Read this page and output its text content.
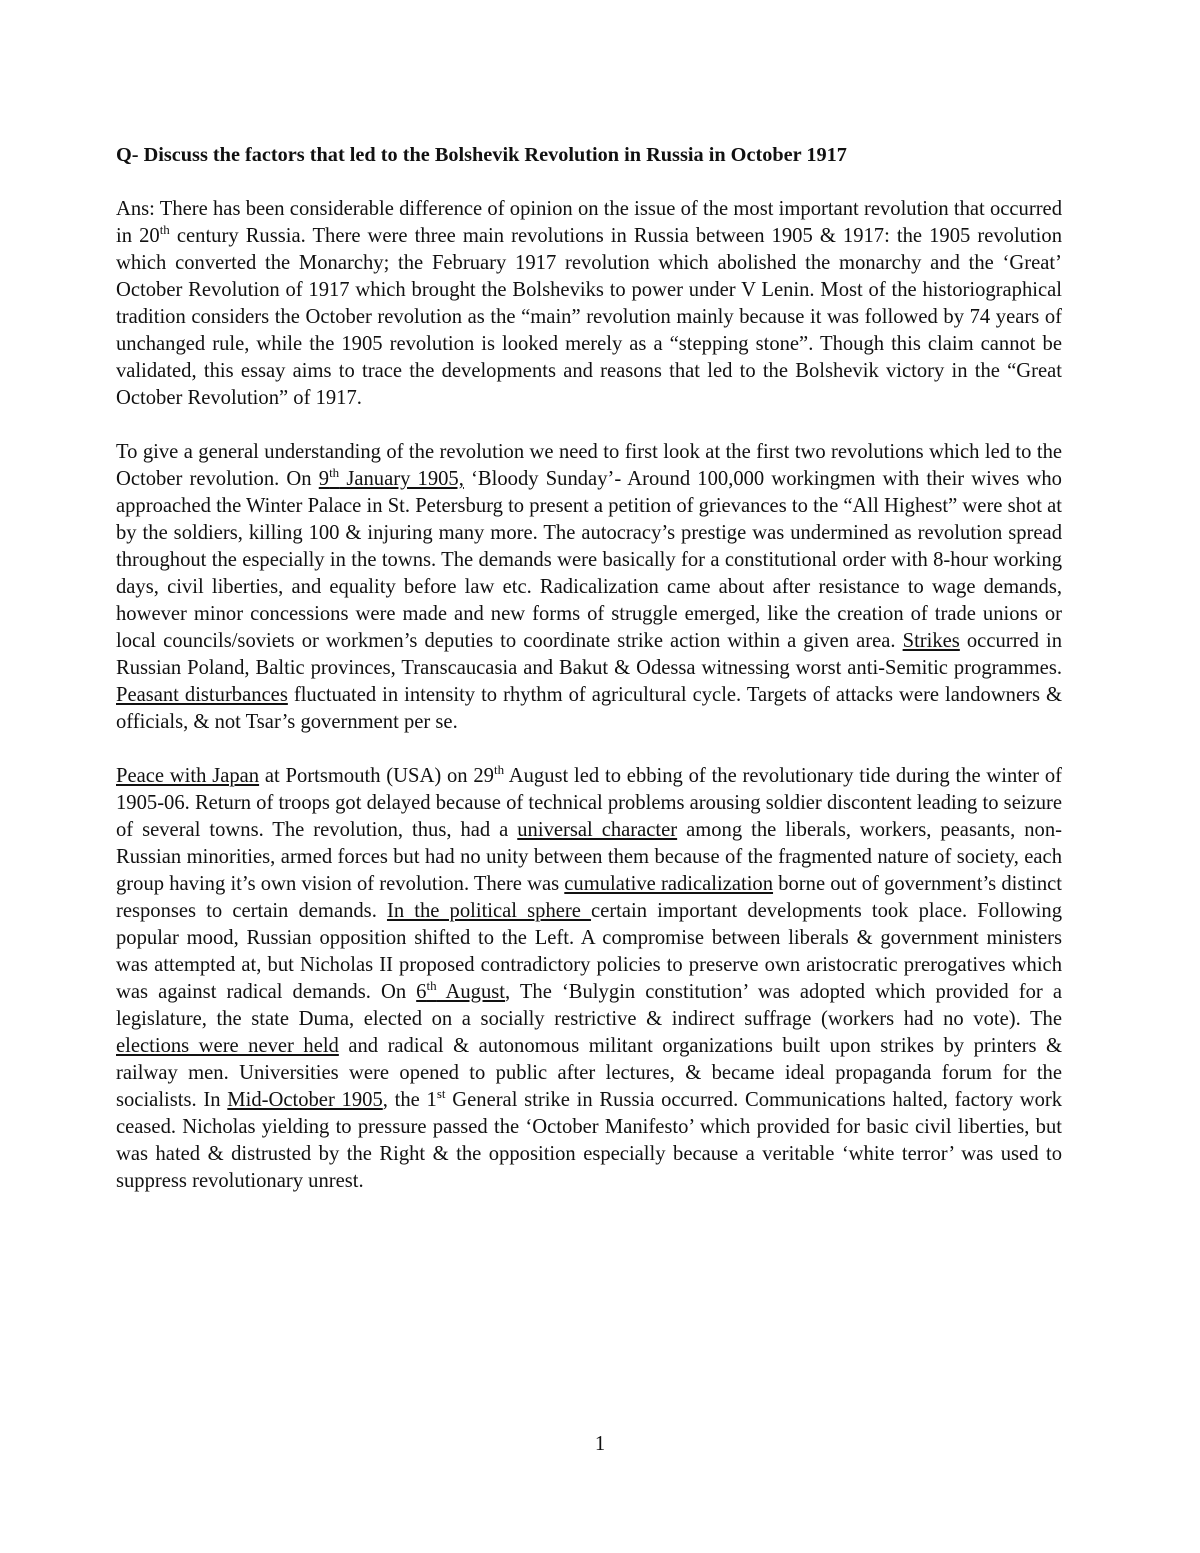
Q- Discuss the factors that led to the Bolshevik Revolution in Russia in October 1917

Ans: There has been considerable difference of opinion on the issue of the most important revolution that occurred in 20th century Russia. There were three main revolutions in Russia between 1905 & 1917: the 1905 revolution which converted the Monarchy; the February 1917 revolution which abolished the monarchy and the ‘Great’ October Revolution of 1917 which brought the Bolsheviks to power under V Lenin. Most of the historiographical tradition considers the October revolution as the “main” revolution mainly because it was followed by 74 years of unchanged rule, while the 1905 revolution is looked merely as a “stepping stone”. Though this claim cannot be validated, this essay aims to trace the developments and reasons that led to the Bolshevik victory in the “Great October Revolution” of 1917.

To give a general understanding of the revolution we need to first look at the first two revolutions which led to the October revolution. On 9th January 1905, ‘Bloody Sunday’- Around 100,000 workingmen with their wives who approached the Winter Palace in St. Petersburg to present a petition of grievances to the “All Highest” were shot at by the soldiers, killing 100 & injuring many more. The autocracy’s prestige was undermined as revolution spread throughout the especially in the towns. The demands were basically for a constitutional order with 8-hour working days, civil liberties, and equality before law etc. Radicalization came about after resistance to wage demands, however minor concessions were made and new forms of struggle emerged, like the creation of trade unions or local councils/soviets or workmen’s deputies to coordinate strike action within a given area. Strikes occurred in Russian Poland, Baltic provinces, Transcaucasia and Bakut & Odessa witnessing worst anti-Semitic programmes. Peasant disturbances fluctuated in intensity to rhythm of agricultural cycle. Targets of attacks were landowners & officials, & not Tsar’s government per se.

Peace with Japan at Portsmouth (USA) on 29th August led to ebbing of the revolutionary tide during the winter of 1905-06. Return of troops got delayed because of technical problems arousing soldier discontent leading to seizure of several towns. The revolution, thus, had a universal character among the liberals, workers, peasants, non-Russian minorities, armed forces but had no unity between them because of the fragmented nature of society, each group having it’s own vision of revolution. There was cumulative radicalization borne out of government’s distinct responses to certain demands. In the political sphere certain important developments took place. Following popular mood, Russian opposition shifted to the Left. A compromise between liberals & government ministers was attempted at, but Nicholas II proposed contradictory policies to preserve own aristocratic prerogatives which was against radical demands. On 6th August, The ‘Bulygin constitution’ was adopted which provided for a legislature, the state Duma, elected on a socially restrictive & indirect suffrage (workers had no vote). The elections were never held and radical & autonomous militant organizations built upon strikes by printers & railway men. Universities were opened to public after lectures, & became ideal propaganda forum for the socialists. In Mid-October 1905, the 1st General strike in Russia occurred. Communications halted, factory work ceased. Nicholas yielding to pressure passed the ‘October Manifesto’ which provided for basic civil liberties, but was hated & distrusted by the Right & the opposition especially because a veritable ‘white terror’ was used to suppress revolutionary unrest.

1
